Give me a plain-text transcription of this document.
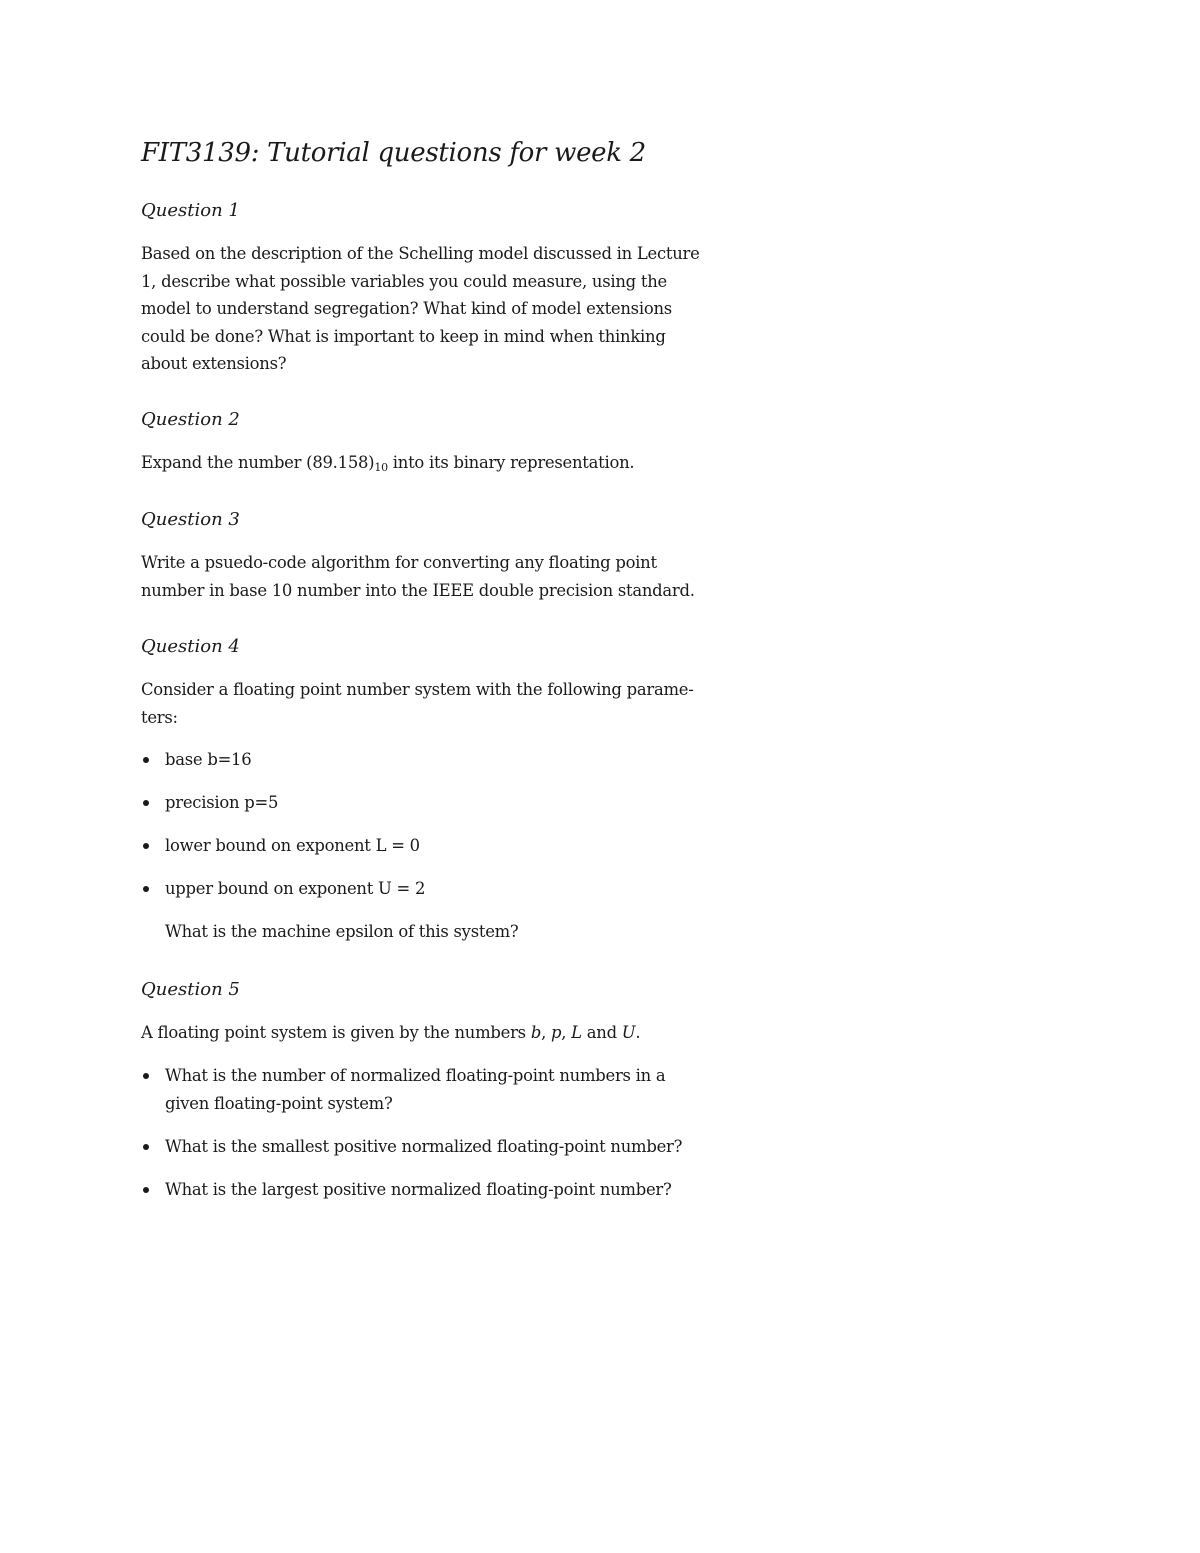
FIT3139: Tutorial questions for week 2
Question 1

Based on the description of the Schelling model discussed in Lecture
1, describe what possible variables you could measure, using the
model to understand segregation? What kind of model extensions
could be done? What is important to keep in mind when thinking
about extensions?

Question 2

Expand the number $(89.158)_{10}$ into its binary representation.

Question 3

Write a psuedo-code algorithm for converting any floating point
number in base 10 number into the IEEE double precision standard.

Question 4

Consider a floating point number system with the following parame-
ters:

base b=16
precision p=5
lower bound on exponent L = 0
upper bound on exponent U = 2

What is the machine epsilon of this system?

Question 5

A floating point system is given by the numbers b, p, L and U.

What is the number of normalized floating-point numbers in a
given floating-point system?
What is the smallest positive normalized floating-point number?
What is the largest positive normalized floating-point number?
